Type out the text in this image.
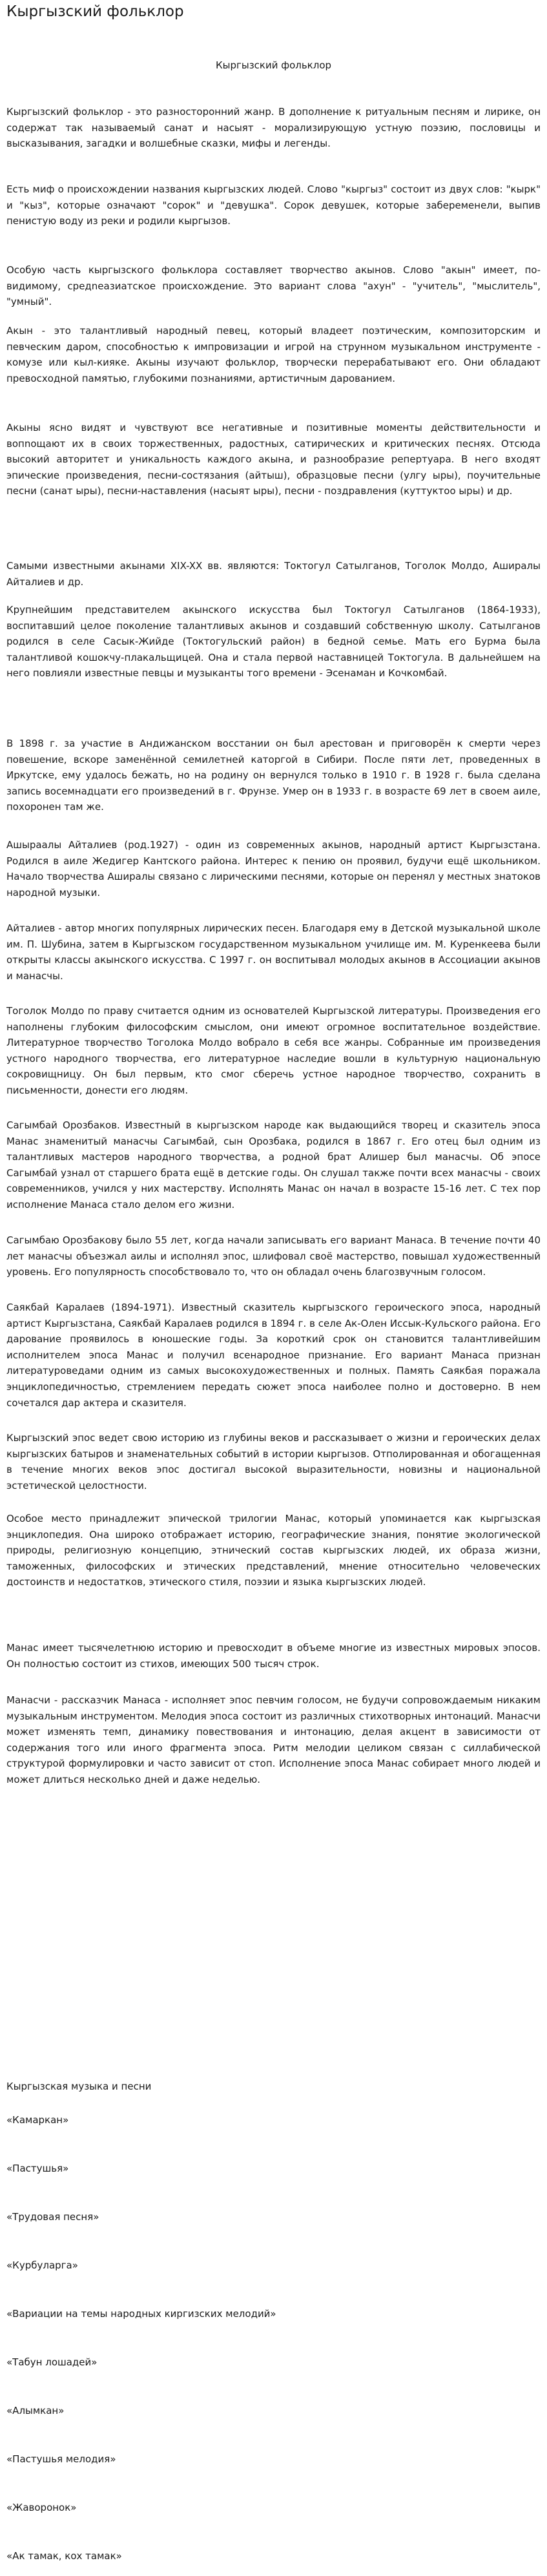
Кыргызский фольклор
Кыргызский фольклор

Кыргызский фольклор - это разносторонний жанр. В дополнение к ритуальным песням и лирике, он содержат так называемый санат и насыят - морализирующую устную поэзию, пословицы и высказывания, загадки и волшебные сказки, мифы и легенды.

Есть миф о происхождении названия кыргызских людей. Слово "кыргыз" состоит из двух слов: "кырк" и "кыз", которые означают "сорок" и "девушка". Сорок девушек, которые забеременели, выпив пенистую воду из реки и родили кыргызов.

Особую часть кыргызского фольклора составляет творчество акынов. Слово "акын" имеет, по-видимому, средneазиатское происхождение. Это вариант слова "ахун" - "учитель", "мыслитель", "умный".

Акын - это талантливый народный певец, который владеет поэтическим, композиторским и певческим даром, способностью к импровизации и игрой на струнном музыкальном инструменте - комузе или кыл-кияке. Акыны изучают фольклор, творчески перерабатывают его. Они обладают превосходной памятью, глубокими познаниями, артистичным дарованием.

Акыны ясно видят и чувствуют все негативные и позитивные моменты действительности и вопnощают их в своих торжественных, радостных, сатирических и критических песнях. Отсюда высокий авторитет и уникальность каждого акына, и разнообразие репертуара. В него входят эпические произведения, песни-состязания (айтыш), образцовые песни (улгу ыры), поучительные песни (санат ыры), песни-наставления (насыят ыры), песни - поздравления (куттуктоо ыры) и др.

Самыми известными акынами XIX-XX вв. являются: Токтогул Сатылганов, Тоголок Молдо, Аширалы Айталиев и др.

Крупнейшим представителем акынского искусства был Токтогул Сатылганов (1864-1933), воспитавший целое поколение талантливых акынов и создавший собственную школу. Сатылганов родился в селе Сасык-Жийде (Токтогульский район) в бедной семье. Мать его Бурма была талантливой кошокчу-плакальщицей. Она и стала первой наставницей Токтогула. В дальнейшем на него повлияли известные певцы и музыканты того времени - Эсенаман и Кочкомбай.

В 1898 г. за участие в Андижанском восстании он был арестован и приговорён к смерти через повешение, вскоре заменённой семилетней каторгой в Сибири. После пяти лет, проведенных в Иркутске, ему удалось бежать, но на родину он вернулся только в 1910 г. В 1928 г. была сделана запись восемнадцати его произведений в г. Фрунзе. Умер он в 1933 г. в возрасте 69 лет в своем аиле, похоронен там же.

Ашыраалы Айталиев (род.1927) - один из современных акынов, народный артист Кыргызстана. Родился в аиле Жедигер Кантского района. Интерес к пению он проявил, будучи ещё школьником. Начало творчества Аширалы связано с лирическими песнями, которые он перенял у местных знатоков народной музыки.

Айталиев - автор многих популярных лирических песен. Благодаря ему в Детской музыкальной школе им. П. Шубина, затем в Кыргызском государственном музыкальном училище им. М. Куренкеева были открыты классы акынского искусства. С 1997 г. он воспитывал молодых акынов в Ассоциации акынов и манасчы.

Тоголок Молдо по праву считается одним из основателей Кыргызской литературы. Произведения его наполнены глубоким философским смыслом, они имеют огромное воспитательное воздействие. Литературное творчество Тоголока Молдо вобрало в себя все жанры. Собранные им произведения устного народного творчества, его литературное наследие вошли в культурную национальную сокровищницу. Он был первым, кто смог сберечь устное народное творчество, сохранить в письменности, донести его людям.

Сагымбай Орозбаков. Известный в кыргызском народе как выдающийся творец и сказитель эпоса Манас знаменитый манасчы Сагымбай, сын Орозбака, родился в 1867 г. Его отец был одним из талантливых мастеров народного творчества, а родной брат Алишер был манасчы. Об эпосе Сагымбай узнал от старшего брата ещё в детские годы. Он слушал также почти всех манасчы - своих современников, учился у них мастерству. Исполнять Манас он начал в возрасте 15-16 лет. С тех пор исполнение Манаса стало делом его жизни.

Сагымбаю Орозбакову было 55 лет, когда начали записывать его вариант Манаса. В течение почти 40 лет манасчы объезжал аилы и исполнял эпос, шлифовал своё мастерство, повышал художественный уровень. Его популярность способствовало то, что он обладал очень благозвучным голосом.

Саякбай Каралаев (1894-1971). Известный сказитель кыргызского героического эпоса, народный артист Кыргызстана, Саякбай Каралаев родился в 1894 г. в селе Ак-Олен Иссык-Кульского района. Его дарование проявилось в юношеские годы. За короткий срок он становится талантливейшим исполнителем эпоса Манас и получил всенародное признание. Его вариант Манаса признан литературоведами одним из самых высокохудожественных и полных. Память Саякбая поражала энциклопедичностью, стремлением передать сюжет эпоса наиболее полно и достоверно. В нем сочетался дар актера и сказителя.

Кыргызский эпос ведет свою историю из глубины веков и рассказывает о жизни и героических делах кыргызских батыров и знаменательных событий в истории кыргызов. Отполированная и обогащенная в течение многих веков эпос достигал высокой выразительности, новизны и национальной эстетической целостности.

Особое место принадлежит эпической трилогии Манас, который упоминается как кыргызская энциклопедия. Она широко отображает историю, географические знания, понятие экологической природы, религиозную концепцию, этнический состав кыргызских людей, их образа жизни, таможенных, философских и этических представлений, мнение относительно человеческих достоинств и недостатков, этического стиля, поэзии и языка кыргызских людей.

Манас имеет тысячелетнюю историю и превосходит в объеме многие из известных мировых эпосов. Он полностью состоит из стихов, имеющих 500 тысяч строк.

Манасчи - рассказчик Манаса - исполняет эпос певчим голосом, не будучи сопровождаемым никаким музыкальным инструментом. Мелодия эпоса состоит из различных стихотворных интонаций. Манасчи может изменять темп, динамику повествования и интонацию, делая акцент в зависимости от содержания того или иного фрагмента эпоса. Ритм мелодии целиком связан с силлабической структурой формулировки и часто зависит от стоп. Исполнение эпоса Манас собирает много людей и может длиться несколько дней и даже неделью.

Кыргызская музыка и песни

«Камаркан»

«Пастушья»

«Трудовая песня»

«Курбуларга»

«Вариации на темы народных киргизских мелодий»

«Табун лошадей»

«Алымкан»

«Пастушья мелодия»

«Жаворонок»

«Ак тамак, кох тамак»
